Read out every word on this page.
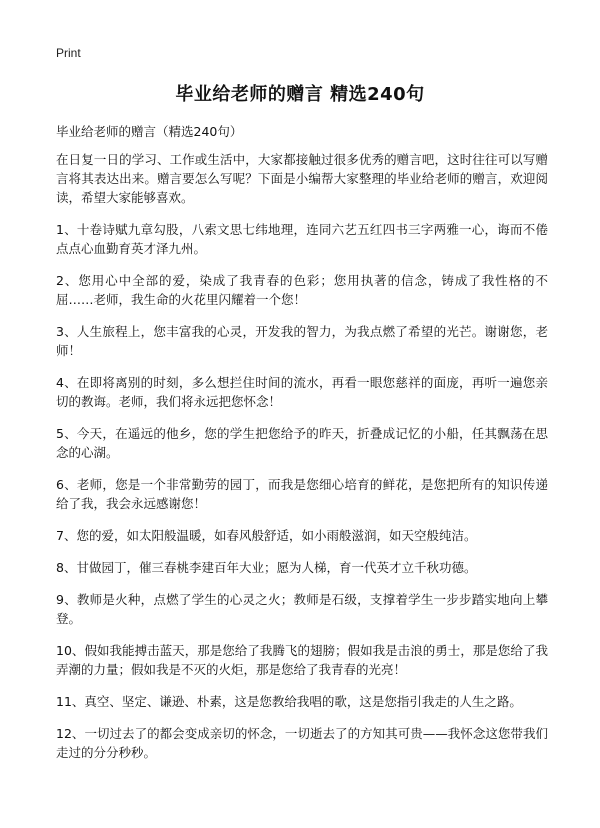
Print
毕业给老师的赠言 精选240句

毕业给老师的赠言（精选240句）

在日复一日的学习、工作或生活中，大家都接触过很多优秀的赠言吧，这时往往可以写赠言将其表达出来。赠言要怎么写呢？下面是小编帮大家整理的毕业给老师的赠言，欢迎阅读，希望大家能够喜欢。

1、十卷诗赋九章勾股，八索文思七纬地理，连同六艺五红四书三字两雅一心，诲而不倦点点心血勤育英才泽九州。

2、您用心中全部的爱，染成了我青春的色彩；您用执著的信念，铸成了我性格的不屈……老师，我生命的火花里闪耀着一个您！

3、人生旅程上，您丰富我的心灵，开发我的智力，为我点燃了希望的光芒。谢谢您，老师！

4、在即将离别的时刻，多么想拦住时间的流水，再看一眼您慈祥的面庞，再听一遍您亲切的教诲。老师，我们将永远把您怀念！

5、今天，在遥远的他乡，您的学生把您给予的昨天，折叠成记忆的小船，任其飘荡在思念的心湖。

6、老师，您是一个非常勤劳的园丁，而我是您细心培育的鲜花，是您把所有的知识传递给了我，我会永远感谢您！

7、您的爱，如太阳般温暖，如春风般舒适，如小雨般滋润，如天空般纯洁。

8、甘做园丁，催三春桃李建百年大业；愿为人梯，育一代英才立千秋功德。

9、教师是火种，点燃了学生的心灵之火；教师是石级，支撑着学生一步步踏实地向上攀登。

10、假如我能搏击蓝天，那是您给了我腾飞的翅膀；假如我是击浪的勇士，那是您给了我弄潮的力量；假如我是不灭的火炬，那是您给了我青春的光亮！

11、真空、坚定、谦逊、朴素，这是您教给我唱的歌，这是您指引我走的人生之路。

12、一切过去了的都会变成亲切的怀念，一切逝去了的方知其可贵——我怀念这您带我们走过的分分秒秒。
